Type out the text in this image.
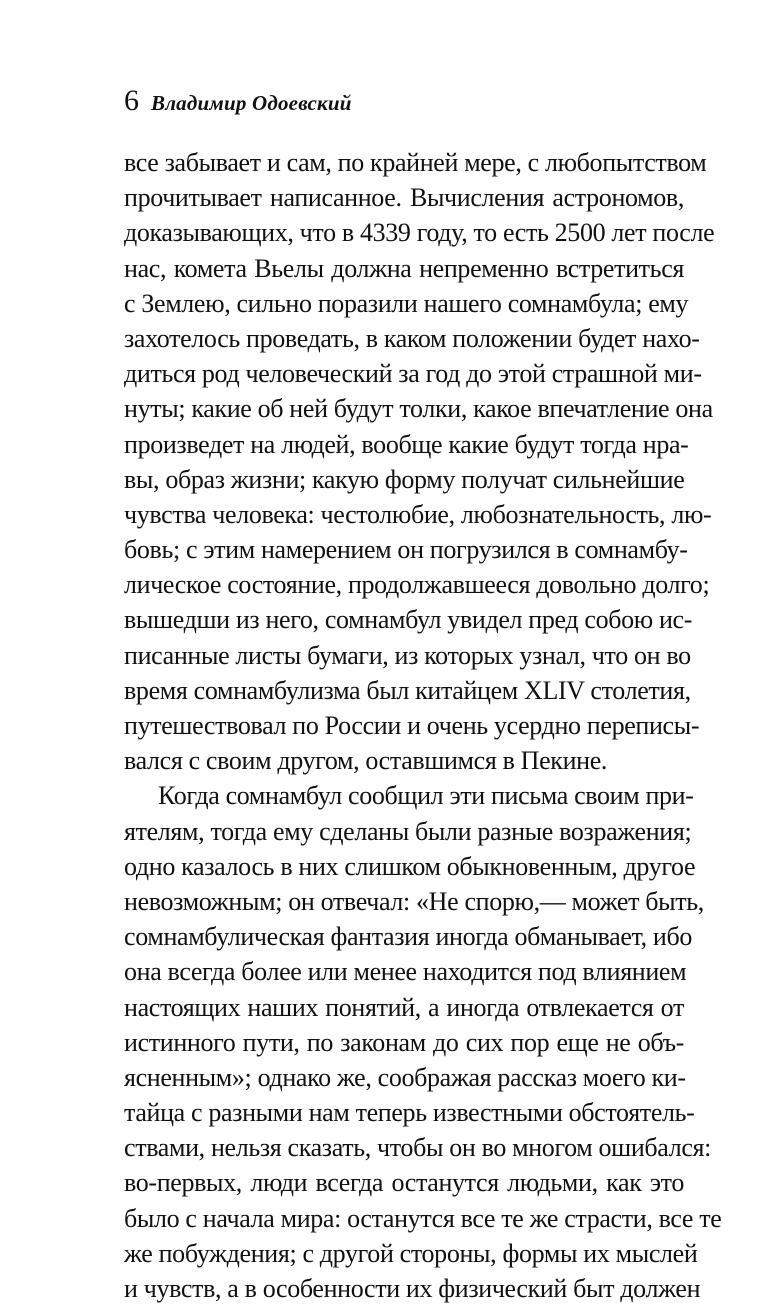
6 Владимир Одоевский
все забывает и сам, по крайней мере, с любопытством
прочитывает написанное. Вычисления астрономов,
доказывающих, что в 4339 году, то есть 2500 лет после
нас, комета Вьелы должна непременно встретиться
с Землею, сильно поразили нашего сомнамбула; ему
захотелось проведать, в каком положении будет нахо-
диться род человеческий за год до этой страшной ми-
нуты; какие об ней будут толки, какое впечатление она
произведет на людей, вообще какие будут тогда нра-
вы, образ жизни; какую форму получат сильнейшие
чувства человека: честолюбие, любознательность, лю-
бовь; с этим намерением он погрузился в сомнамбу-
лическое состояние, продолжавшееся довольно долго;
вышедши из него, сомнамбул увидел пред собою ис-
писанные листы бумаги, из которых узнал, что он во
время сомнамбулизма был китайцем XLIV столетия,
путешествовал по России и очень усердно переписы-
вался с своим другом, оставшимся в Пекине.
Когда сомнамбул сообщил эти письма своим при-
ятелям, тогда ему сделаны были разные возражения;
одно казалось в них слишком обыкновенным, другое
невозможным; он отвечал: «Не спорю,— может быть,
сомнамбулическая фантазия иногда обманывает, ибо
она всегда более или менее находится под влиянием
настоящих наших понятий, а иногда отвлекается от
истинного пути, по законам до сих пор еще не объ-
ясненным»; однако же, соображая рассказ моего ки-
тайца с разными нам теперь известными обстоятель-
ствами, нельзя сказать, чтобы он во многом ошибался:
во-первых, люди всегда останутся людьми, как это
было с начала мира: останутся все те же страсти, все те
же побуждения; с другой стороны, формы их мыслей
и чувств, а в особенности их физический быт должен
